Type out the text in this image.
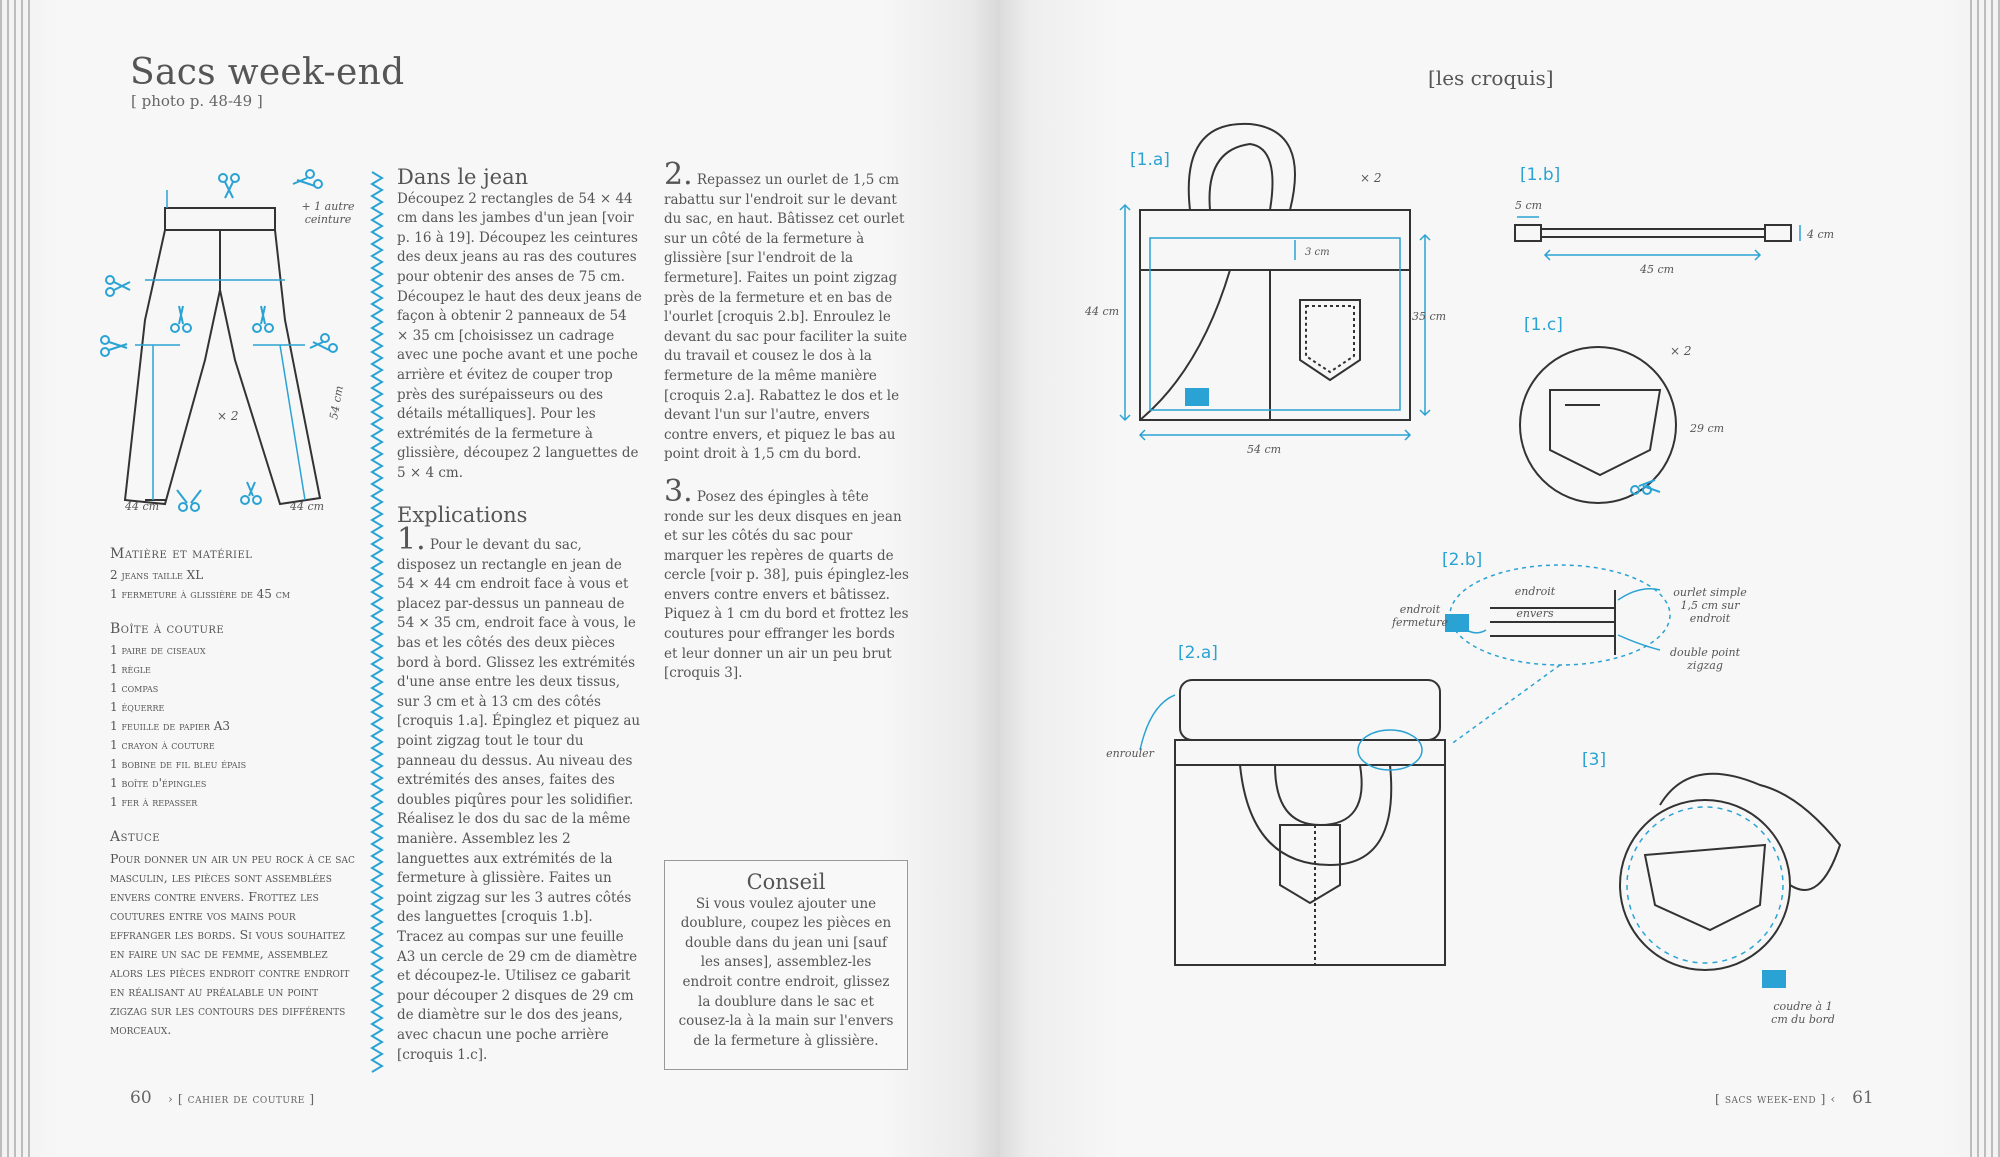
Sacs week-end
[ photo p. 48-49 ]
× 2	54 cm
44 cm	44 cm
+ 1 autre ceinture
Matière et matériel
2 jeans taille XL
1 fermeture à glissière de 45 cm
Boîte à couture
1 paire de ciseaux
1 règle
1 compas
1 équerre
1 feuille de papier A3
1 crayon à couture
1 bobine de fil bleu épais
1 boîte d'épingles
1 fer à repasser
Astuce

Pour donner un air un peu rock à ce sac masculin, les pièces sont assemblées envers contre envers. Frottez les coutures entre vos mains pour effranger les bords. Si vous souhaitez en faire un sac de femme, assemblez alors les pièces endroit contre endroit en réalisant au préalable un point zigzag sur les contours des différents morceaux.

Dans le jean

Découpez 2 rectangles de 54 × 44 cm dans les jambes d'un jean [voir p. 16 à 19]. Découpez les ceintures des deux jeans au ras des coutures pour obtenir des anses de 75 cm. Découpez le haut des deux jeans de façon à obtenir 2 panneaux de 54 × 35 cm [choisissez un cadrage avec une poche avant et une poche arrière et évitez de couper trop près des surépaisseurs ou des détails métalliques]. Pour les extrémités de la fermeture à glissière, découpez 2 languettes de 5 × 4 cm.

Explications

1. Pour le devant du sac, disposez un rectangle en jean de 54 × 44 cm endroit face à vous et placez par-dessus un panneau de 54 × 35 cm, endroit face à vous, le bas et les côtés des deux pièces bord à bord. Glissez les extrémités d'une anse entre les deux tissus, sur 3 cm et à 13 cm des côtés [croquis 1.a]. Épinglez et piquez au point zigzag tout le tour du panneau du dessus. Au niveau des extrémités des anses, faites des doubles piqûres pour les solidifier. Réalisez le dos du sac de la même manière. Assemblez les 2 languettes aux extrémités de la fermeture à glissière. Faites un point zigzag sur les 3 autres côtés des languettes [croquis 1.b]. Tracez au compas sur une feuille A3 un cercle de 29 cm de diamètre et découpez-le. Utilisez ce gabarit pour découper 2 disques de 29 cm de diamètre sur le dos des jeans, avec chacun une poche arrière [croquis 1.c].

2. Repassez un ourlet de 1,5 cm rabattu sur l'endroit sur le devant du sac, en haut. Bâtissez cet ourlet sur un côté de la fermeture à glissière [sur l'endroit de la fermeture]. Faites un point zigzag près de la fermeture et en bas de l'ourlet [croquis 2.b]. Enroulez le devant du sac pour faciliter la suite du travail et cousez le dos à la fermeture de la même manière [croquis 2.a]. Rabattez le dos et le devant l'un sur l'autre, envers contre envers, et piquez le bas au point droit à 1,5 cm du bord.

3. Posez des épingles à tête ronde sur les deux disques en jean et sur les côtés du sac pour marquer les repères de quarts de cercle [voir p. 38], puis épinglez-les envers contre envers et bâtissez. Piquez à 1 cm du bord et frottez les coutures pour effranger les bords et leur donner un air un peu brut [croquis 3].

Conseil

Si vous voulez ajouter une doublure, coupez les pièces en double dans du jean uni [sauf les anses], assemblez-les endroit contre endroit, glissez la doublure dans le sac et cousez-la à la main sur l'envers de la fermeture à glissière.

60 › [ cahier de couture ]
[les croquis]
[1.a]
[1.b]
[1.c]
[2.b]
[2.a]
[3]
× 2
44 cm	35 cm
54 cm
3 cm
5 cm
4 cm
45 cm
× 2
29 cm
endroit fermeture
endroit
envers
ourlet simple 1,5 cm sur endroit
double point zigzag
enrouler
coudre à 1 cm du bord
[ sacs week-end ] ‹ 61
